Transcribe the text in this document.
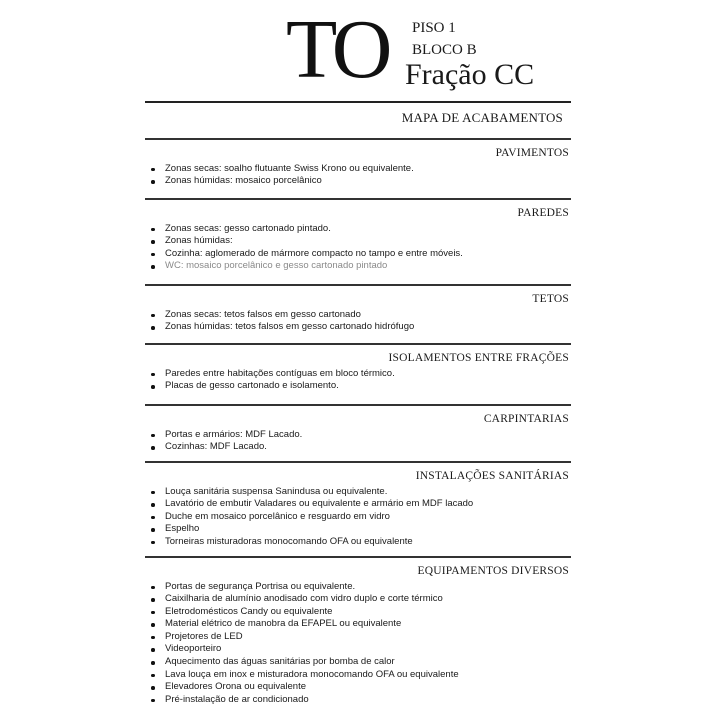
TO PISO 1
BLOCO B
Fração CC
MAPA DE ACABAMENTOS
PAVIMENTOS
Zonas secas: soalho flutuante Swiss Krono ou equivalente.
Zonas húmidas: mosaico porcelânico
PAREDES
Zonas secas: gesso cartonado pintado.
Zonas húmidas:
Cozinha: aglomerado de mármore compacto no tampo e entre móveis.
WC: mosaico porcelânico e gesso cartonado pintado
TETOS
Zonas secas: tetos falsos em gesso cartonado
Zonas húmidas: tetos falsos em gesso cartonado hidrófugo
ISOLAMENTOS ENTRE FRAÇÕES
Paredes entre habitações contíguas em bloco térmico.
Placas de gesso cartonado e isolamento.
CARPINTARIAS
Portas e armários: MDF Lacado.
Cozinhas: MDF Lacado.
INSTALAÇÕES SANITÁRIAS
Louça sanitária suspensa Sanindusa ou equivalente.
Lavatório de embutir Valadares ou equivalente e armário em MDF lacado
Duche em mosaico porcelânico e resguardo em vidro
Espelho
Torneiras misturadoras monocomando OFA ou equivalente
EQUIPAMENTOS DIVERSOS
Portas de segurança Portrisa ou equivalente.
Caixilharia de alumínio anodisado com vidro duplo e corte térmico
Eletrodomésticos Candy ou equivalente
Material elétrico de manobra da EFAPEL ou equivalente
Projetores de LED
Videoporteiro
Aquecimento das águas sanitárias por bomba de calor
Lava louça em inox e misturadora monocomando OFA ou equivalente
Elevadores Orona ou equivalente
Pré-instalação de ar condicionado
